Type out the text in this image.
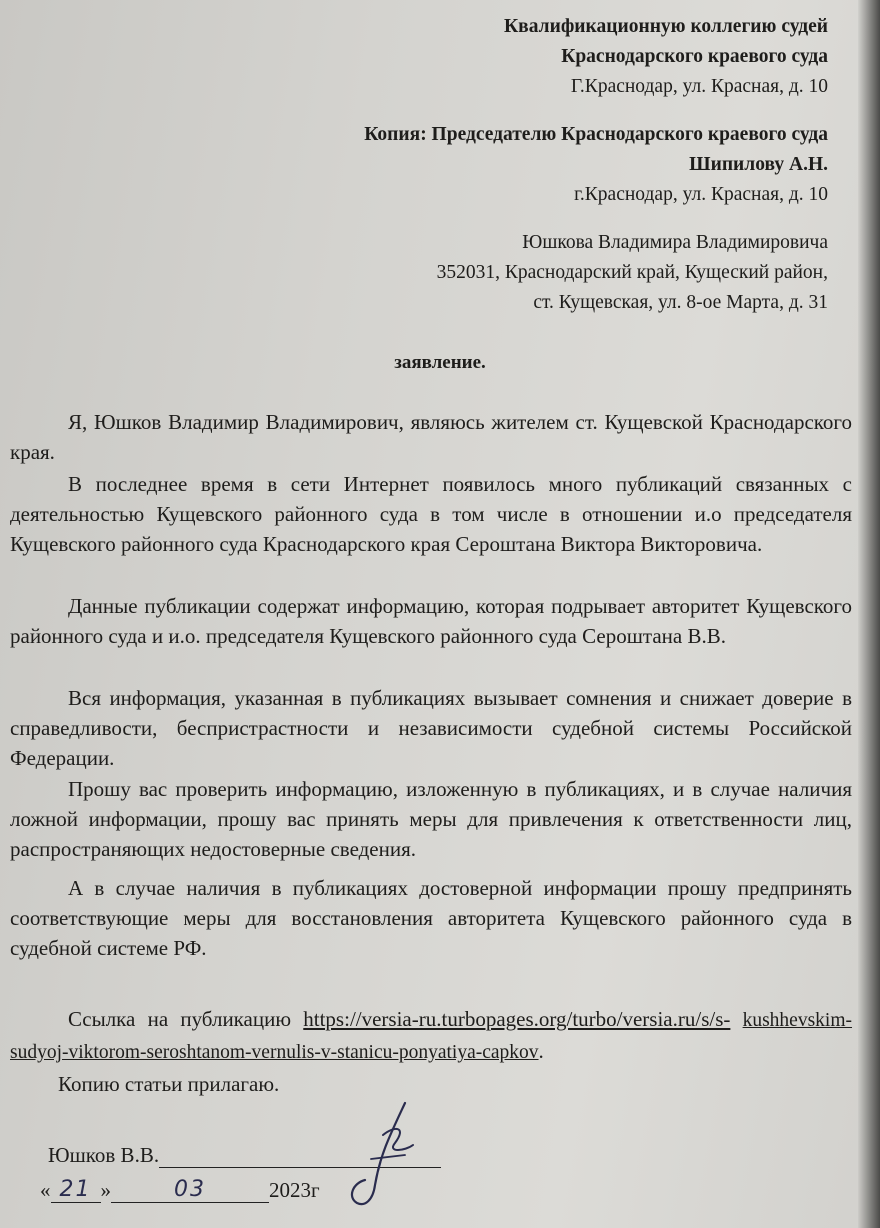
Квалификационную коллегию судей
Краснодарского краевого суда
Г.Краснодар, ул. Красная, д. 10
Копия: Председателю Краснодарского краевого суда
Шипилову А.Н.
г.Краснодар, ул. Красная, д. 10
Юшкова Владимира Владимировича
352031, Краснодарский край, Кущеский район,
ст. Кущевская, ул. 8-ое Марта, д. 31
заявление.

Я, Юшков Владимир Владимирович, являюсь жителем ст. Кущевской Краснодарского края.

В последнее время в сети Интернет появилось много публикаций связанных с деятельностью Кущевского районного суда в том числе в отношении и.о председателя Кущевского районного суда Краснодарского края Сероштана Виктора Викторовича.

Данные публикации содержат информацию, которая подрывает авторитет Кущевского районного суда и и.о. председателя Кущевского районного суда Сероштана В.В.

Вся информация, указанная в публикациях вызывает сомнения и снижает доверие в справедливости, беспристрастности и независимости судебной системы Российской Федерации.

Прошу вас проверить информацию, изложенную в публикациях, и в случае наличия ложной информации, прошу вас принять меры для привлечения к ответственности лиц, распространяющих недостоверные сведения.

А в случае наличия в публикациях достоверной информации прошу предпринять соответствующие меры для восстановления авторитета Кущевского районного суда в судебной системе РФ.

Ссылка на публикацию https://versia-ru.turbopages.org/turbo/versia.ru/s/s- kushhevskim-sudyoj-viktorom-seroshtanom-vernulis-v-stanicu-ponyatiya-capkov.

Копию статьи прилагаю.
Юшков В.В.
« 21 »	03	2023г
